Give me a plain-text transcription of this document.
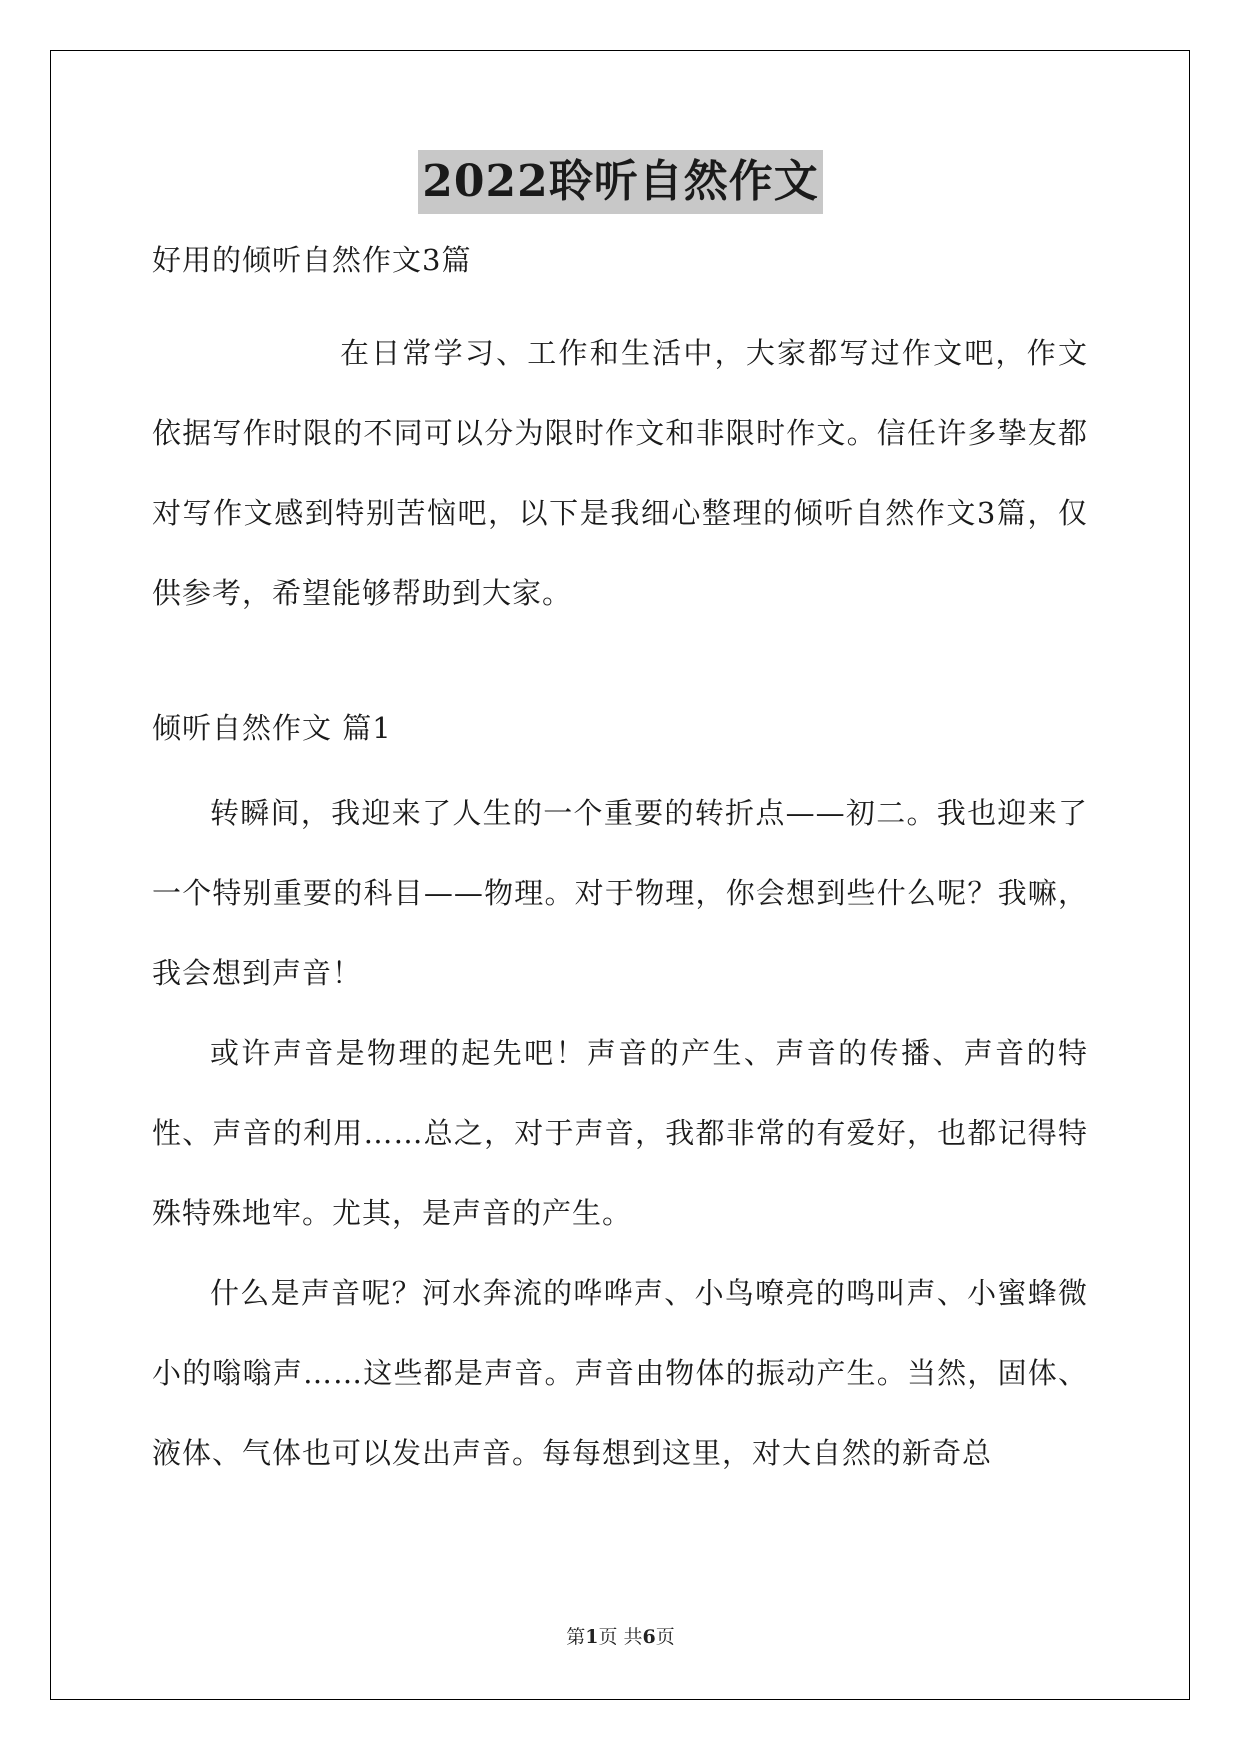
2022聆听自然作文

好用的倾听自然作文3篇

在日常学习、工作和生活中，大家都写过作文吧，作文依据写作时限的不同可以分为限时作文和非限时作文。信任许多挚友都对写作文感到特别苦恼吧，以下是我细心整理的倾听自然作文3篇，仅供参考，希望能够帮助到大家。

倾听自然作文 篇1

转瞬间，我迎来了人生的一个重要的转折点——初二。我也迎来了一个特别重要的科目——物理。对于物理，你会想到些什么呢？我嘛，我会想到声音！

或许声音是物理的起先吧！声音的产生、声音的传播、声音的特性、声音的利用……总之，对于声音，我都非常的有爱好，也都记得特殊特殊地牢。尤其，是声音的产生。

什么是声音呢？河水奔流的哗哗声、小鸟嘹亮的鸣叫声、小蜜蜂微小的嗡嗡声……这些都是声音。声音由物体的振动产生。当然，固体、液体、气体也可以发出声音。每每想到这里，对大自然的新奇总

第1页 共6页
